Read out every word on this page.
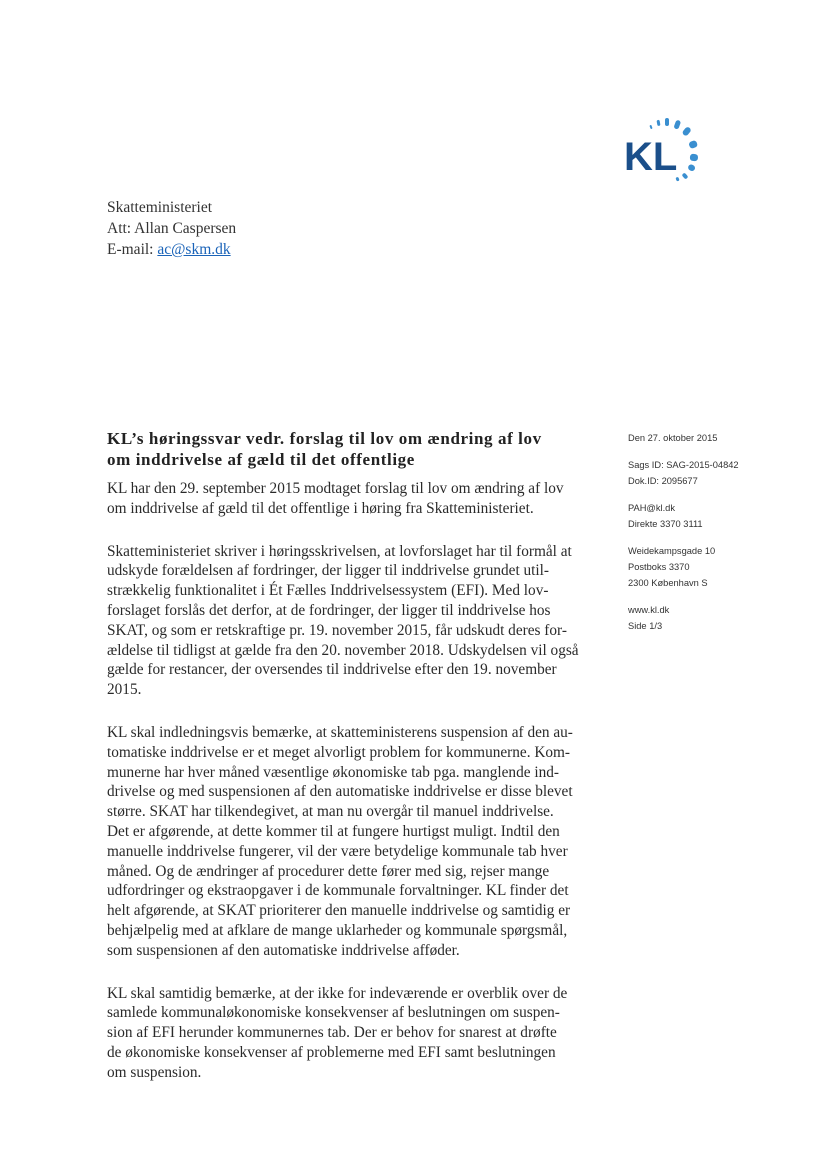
KL
Skatteministeriet
Att: Allan Caspersen
E-mail: ac@skm.dk
KL’s høringssvar vedr. forslag til lov om ændring af lov
om inddrivelse af gæld til det offentlige

KL har den 29. september 2015 modtaget forslag til lov om ændring af lov
om inddrivelse af gæld til det offentlige i høring fra Skatteministeriet.

Skatteministeriet skriver i høringsskrivelsen, at lovforslaget har til formål at
udskyde forældelsen af fordringer, der ligger til inddrivelse grundet util-
strækkelig funktionalitet i Ét Fælles Inddrivelsessystem (EFI). Med lov-
forslaget forslås det derfor, at de fordringer, der ligger til inddrivelse hos
SKAT, og som er retskraftige pr. 19. november 2015, får udskudt deres for-
ældelse til tidligst at gælde fra den 20. november 2018. Udskydelsen vil også
gælde for restancer, der oversendes til inddrivelse efter den 19. november
2015.

KL skal indledningsvis bemærke, at skatteministerens suspension af den au-
tomatiske inddrivelse er et meget alvorligt problem for kommunerne. Kom-
munerne har hver måned væsentlige økonomiske tab pga. manglende ind-
drivelse og med suspensionen af den automatiske inddrivelse er disse blevet
større. SKAT har tilkendegivet, at man nu overgår til manuel inddrivelse.
Det er afgørende, at dette kommer til at fungere hurtigst muligt. Indtil den
manuelle inddrivelse fungerer, vil der være betydelige kommunale tab hver
måned. Og de ændringer af procedurer dette fører med sig, rejser mange
udfordringer og ekstraopgaver i de kommunale forvaltninger. KL finder det
helt afgørende, at SKAT prioriterer den manuelle inddrivelse og samtidig er
behjælpelig med at afklare de mange uklarheder og kommunale spørgsmål,
som suspensionen af den automatiske inddrivelse afføder.

KL skal samtidig bemærke, at der ikke for indeværende er overblik over de
samlede kommunaløkonomiske konsekvenser af beslutningen om suspen-
sion af EFI herunder kommunernes tab. Der er behov for snarest at drøfte
de økonomiske konsekvenser af problemerne med EFI samt beslutningen
om suspension.

Den 27. oktober 2015
Sags ID: SAG-2015-04842
Dok.ID: 2095677
PAH@kl.dk
Direkte 3370 3111
Weidekampsgade 10
Postboks 3370
2300 København S
www.kl.dk
Side 1/3
